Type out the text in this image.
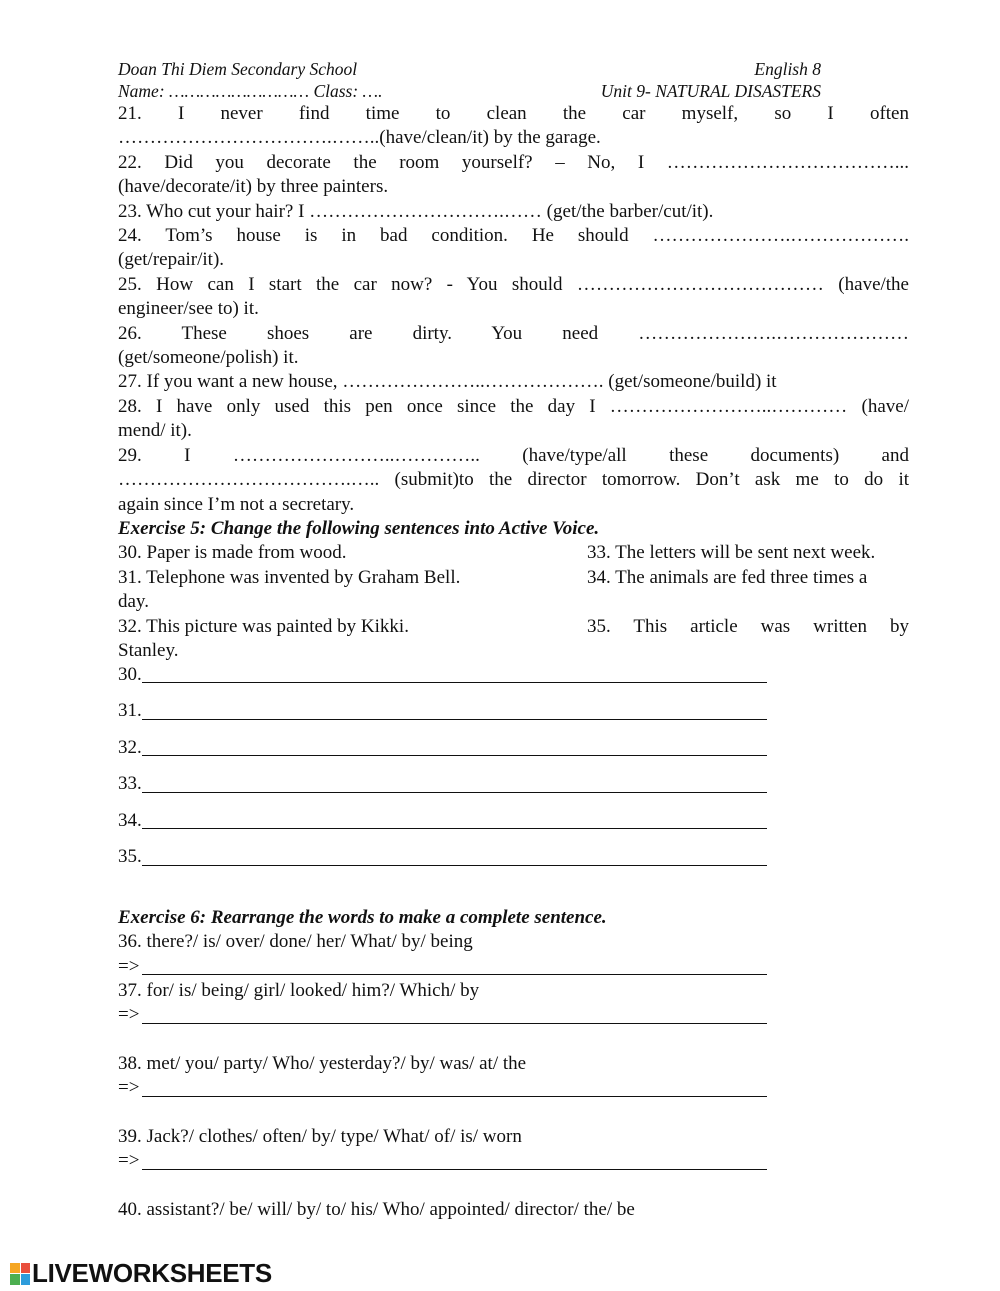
Doan Thi Diem Secondary School	English 8
Name: ……………………… Class: ….	Unit 9- NATURAL DISASTERS
21. I never find time to clean the car myself, so I often
…………………………….……..(have/clean/it) by the garage.
22. Did you decorate the room yourself? – No, I ………………………………...
(have/decorate/it) by three painters.
23. Who cut your hair? I ………………………….…… (get/the barber/cut/it).
24. Tom’s house is in bad condition. He should ………………….……………….
(get/repair/it).
25. How can I start the car now? - You should ………………………………… (have/the
engineer/see to) it.
26. These shoes are dirty. You need ………………….…………………
(get/someone/polish) it.
27. If you want a new house, …………………..………………. (get/someone/build) it
28. I have only used this pen once since the day I ……………………..………… (have/
mend/ it).
29. I ……………………..………….. (have/type/all these documents) and
……………………………….….. (submit)to the director tomorrow. Don’t ask me to do it
again since I’m not a secretary.
Exercise 5: Change the following sentences into Active Voice.
30. Paper is made from wood.	33. The letters will be sent next week.
31. Telephone was invented by Graham Bell.	34. The animals are fed three times a
day.
32. This picture was painted by Kikki.	35. This article was written by
Stanley.
30.
31.
32.
33.
34.
35.
Exercise 6: Rearrange the words to make a complete sentence.
36. there?/ is/ over/ done/ her/ What/ by/ being
=>
37. for/ is/ being/ girl/ looked/ him?/ Which/ by
=>
38. met/ you/ party/ Who/ yesterday?/ by/ was/ at/ the
=>
39. Jack?/ clothes/ often/ by/ type/ What/ of/ is/ worn
=>
40. assistant?/ be/ will/ by/ to/ his/ Who/ appointed/ director/ the/ be
LIVEWORKSHEETS
